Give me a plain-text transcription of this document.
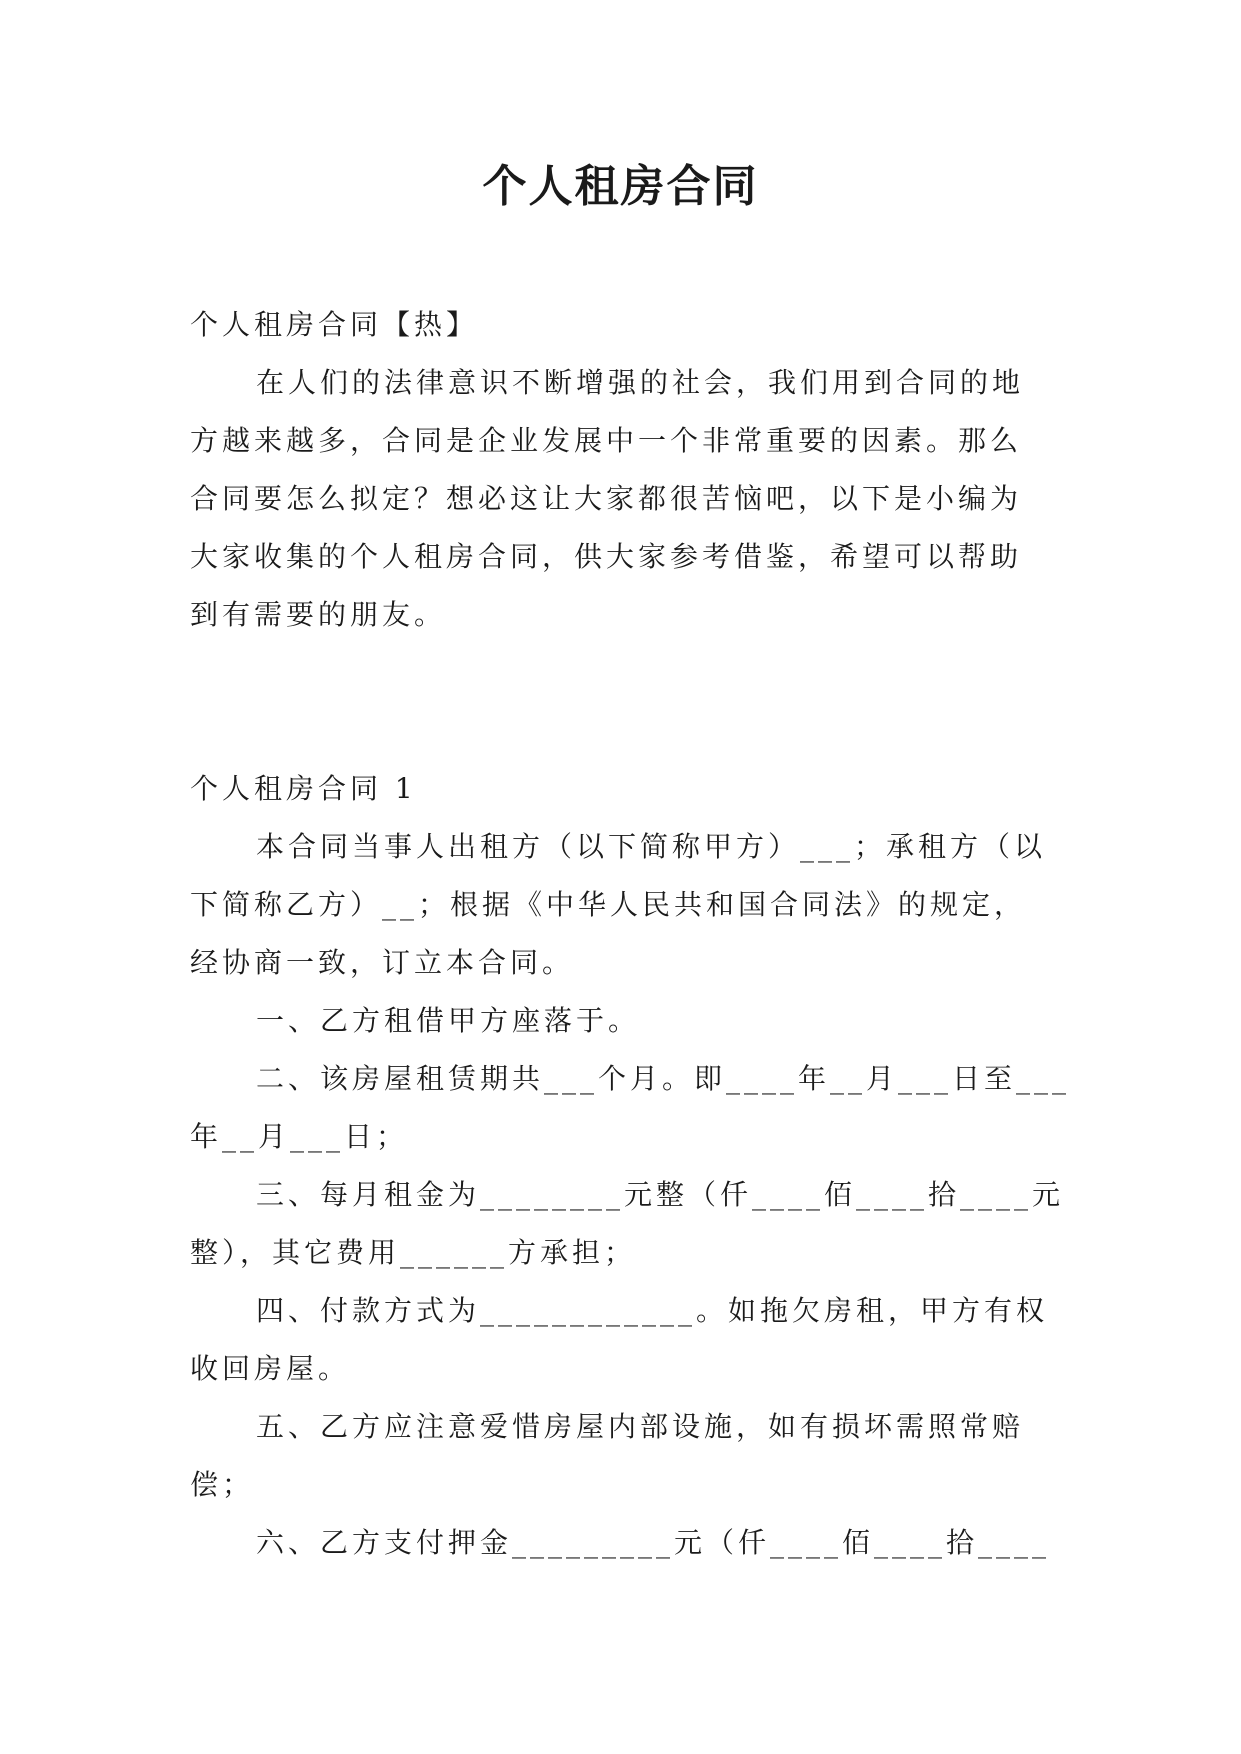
个人租房合同
个人租房合同【热】
在人们的法律意识不断增强的社会，我们用到合同的地
方越来越多，合同是企业发展中一个非常重要的因素。那么
合同要怎么拟定？想必这让大家都很苦恼吧，以下是小编为
大家收集的个人租房合同，供大家参考借鉴，希望可以帮助
到有需要的朋友。
个人租房合同 1
本合同当事人出租方（以下简称甲方）___；承租方（以
下简称乙方）__；根据《中华人民共和国合同法》的规定，
经协商一致，订立本合同。
一、乙方租借甲方座落于。
二、该房屋租赁期共___个月。即____年__月___日至___
年__月___日；
三、每月租金为________元整（仟____佰____拾____元
整），其它费用______方承担；
四、付款方式为____________。如拖欠房租，甲方有权
收回房屋。
五、乙方应注意爱惜房屋内部设施，如有损坏需照常赔
偿；
六、乙方支付押金_________元（仟____佰____拾____
